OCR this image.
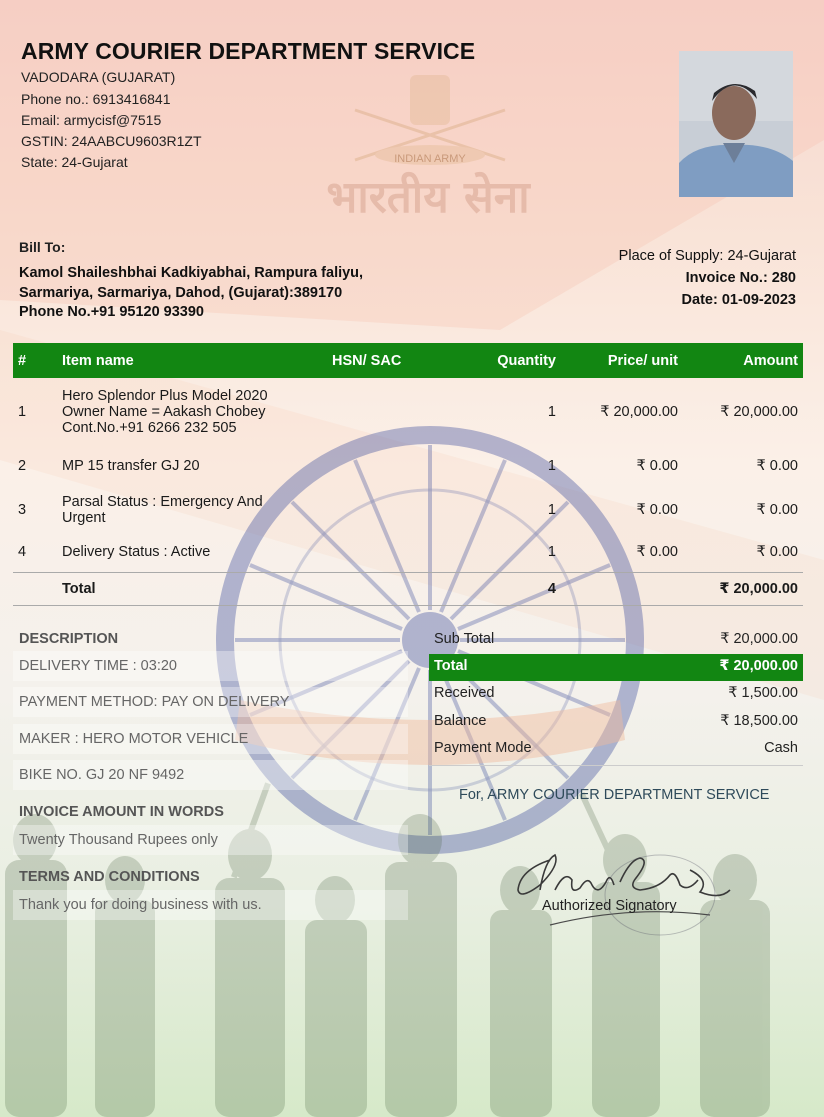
INDIAN ARMY
भारतीय सेना
ARMY COURIER DEPARTMENT SERVICE
VADODARA (GUJARAT)
Phone no.: 6913416841
Email: armycisf@7515
GSTIN: 24AABCU9603R1ZT
State: 24-Gujarat
Bill To:
Kamol Shaileshbhai Kadkiyabhai, Rampura faliyu,
Sarmariya, Sarmariya, Dahod, (Gujarat):389170
Phone No.+91 95120 93390
Place of Supply: 24-Gujarat
Invoice No.: 280
Date: 01-09-2023
#	Item name	HSN/ SAC	Quantity	Price/ unit	Amount
1	Hero Splendor Plus Model 2020
Owner Name = Aakash Chobey
Cont.No.+91 6266 232 505		1	₹ 20,000.00	₹ 20,000.00
2	MP 15 transfer GJ 20		1	₹ 0.00	₹ 0.00
3	Parsal Status : Emergency And
Urgent		1	₹ 0.00	₹ 0.00
4	Delivery Status : Active		1	₹ 0.00	₹ 0.00
	Total		4		₹ 20,000.00
DESCRIPTION
DELIVERY TIME : 03:20
PAYMENT METHOD: PAY ON DELIVERY
MAKER : HERO MOTOR VEHICLE
BIKE NO. GJ 20 NF 9492
INVOICE AMOUNT IN WORDS
Twenty Thousand Rupees only
TERMS AND CONDITIONS
Thank you for doing business with us.
Sub Total	₹ 20,000.00
Total	₹ 20,000.00
Received	₹ 1,500.00
Balance	₹ 18,500.00
Payment Mode	Cash
For, ARMY COURIER DEPARTMENT SERVICE
Authorized Signatory
